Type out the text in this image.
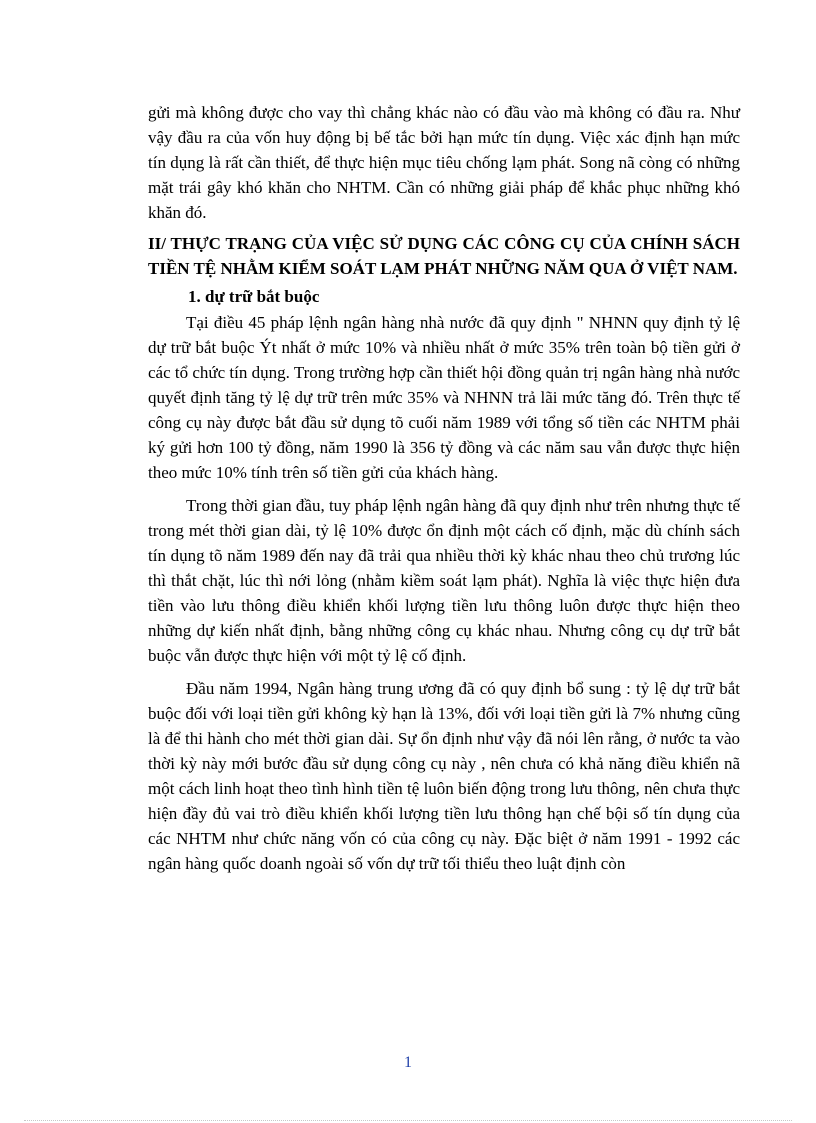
gửi mà không được cho vay thì chẳng khác nào có đầu vào mà không có đầu ra. Như vậy đầu ra của vốn huy động bị bế tắc bởi hạn mức tín dụng. Việc xác định hạn mức tín dụng là rất cần thiết, để thực hiện mục tiêu chống lạm phát. Song nã còng có những mặt trái gây khó khăn cho NHTM. Cần có những giải pháp để khắc phục những khó khăn đó.

II/ THỰC TRẠNG CỦA VIỆC SỬ DỤNG CÁC CÔNG CỤ CỦA CHÍNH SÁCH TIỀN TỆ NHẰM KIỂM SOÁT LẠM PHÁT NHỮNG NĂM QUA Ở VIỆT NAM.

1. dự trữ bắt buộc

Tại điều 45 pháp lệnh ngân hàng nhà nước đã quy định " NHNN quy định tỷ lệ dự trữ bắt buộc Ýt nhất ở mức 10% và nhiều nhất ở mức 35% trên toàn bộ tiền gửi ở các tổ chức tín dụng. Trong trường hợp cần thiết hội đồng quản trị ngân hàng nhà nước quyết định tăng tỷ lệ dự trữ trên mức 35% và NHNN trả lãi mức tăng đó. Trên thực tế công cụ này được bắt đầu sử dụng tõ cuối năm 1989 với tổng số tiền các NHTM phải ký gửi hơn 100 tỷ đồng, năm 1990 là 356 tỷ đồng và các năm sau vẫn được thực hiện theo mức 10% tính trên số tiền gửi của khách hàng.

Trong thời gian đầu, tuy pháp lệnh ngân hàng đã quy định như trên nhưng thực tế trong mét thời gian dài, tỷ lệ 10% được ổn định một cách cố định, mặc dù chính sách tín dụng tõ năm 1989 đến nay đã trải qua nhiều thời kỳ khác nhau theo chủ trương lúc thì thắt chặt, lúc thì nới lỏng (nhằm kiềm soát lạm phát). Nghĩa là việc thực hiện đưa tiền vào lưu thông điều khiển khối lượng tiền lưu thông luôn được thực hiện theo những dự kiến nhất định, bằng những công cụ khác nhau. Nhưng công cụ dự trữ bắt buộc vẫn được thực hiện với một tỷ lệ cố định.

Đầu năm 1994, Ngân hàng trung ương đã có quy định bổ sung : tỷ lệ dự trữ bắt buộc đối với loại tiền gửi không kỳ hạn là 13%, đối với loại tiền gửi là 7% nhưng cũng là để thi hành cho mét thời gian dài. Sự ổn định như vậy đã nói lên rằng, ở nước ta vào thời kỳ này mới bước đầu sử dụng công cụ này , nên chưa có khả năng điều khiển nã một cách linh hoạt theo tình hình tiền tệ luôn biến động trong lưu thông, nên chưa thực hiện đầy đủ vai trò điều khiển khối lượng tiền lưu thông hạn chế bội số tín dụng của các NHTM như chức năng vốn có của công cụ này. Đặc biệt ở năm 1991 - 1992 các ngân hàng quốc doanh ngoài số vốn dự trữ tối thiểu theo luật định còn

1
